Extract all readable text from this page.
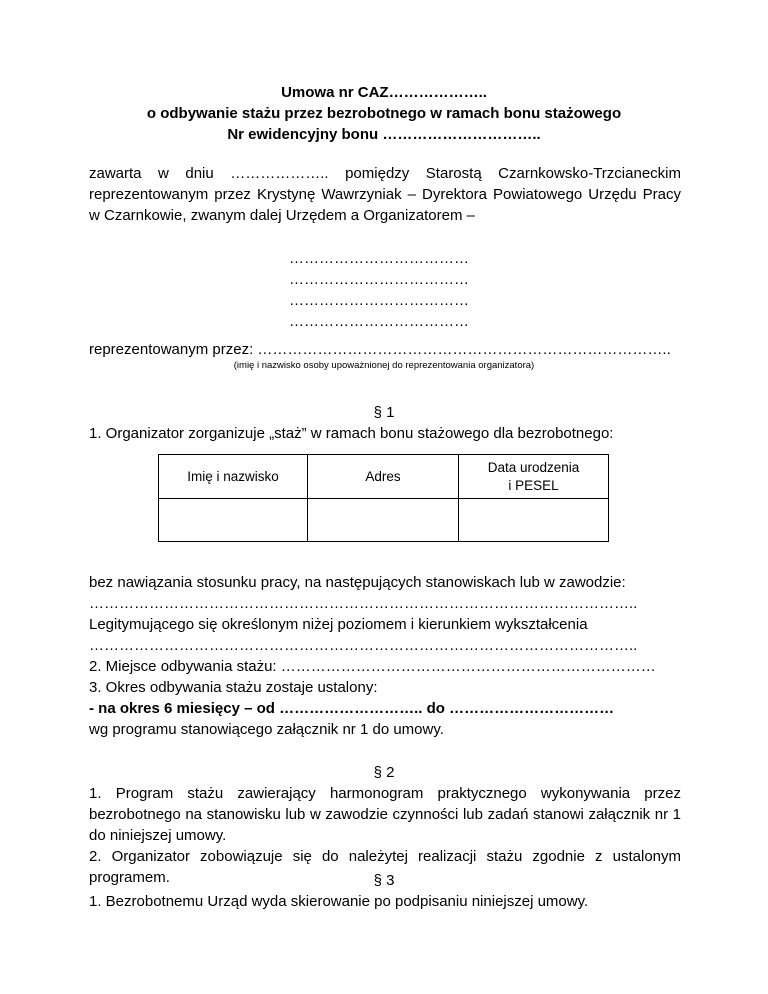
Umowa nr CAZ………………..
o odbywanie stażu przez bezrobotnego w ramach bonu stażowego
Nr ewidencyjny bonu …………………………..
zawarta w dniu ……………….. pomiędzy Starostą Czarnkowsko-Trzcianeckim reprezentowanym przez Krystynę Wawrzyniak – Dyrektora Powiatowego Urzędu Pracy w Czarnkowie, zwanym dalej Urzędem a Organizatorem –
………………………………
………………………………
………………………………
………………………………
reprezentowanym przez: ………………………………………………………………………..
(imię i nazwisko osoby upoważnionej do reprezentowania organizatora)
§ 1
1. Organizator zorganizuje „staż” w ramach bonu stażowego dla bezrobotnego:
Imię i nazwisko	Adres	Data urodzenia
i PESEL

bez nawiązania stosunku pracy, na następujących stanowiskach lub w zawodzie:
………………………………………………………………………………………………..
Legitymującego się określonym niżej poziomem i kierunkiem wykształcenia
………………………………………………………………………………………………..
2. Miejsce odbywania stażu: …………………………………………………………………
3. Okres odbywania stażu zostaje ustalony:
- na okres 6 miesięcy – od ……………………….. do ……………………………
wg programu stanowiącego załącznik nr 1 do umowy.
§ 2
1. Program stażu zawierający harmonogram praktycznego wykonywania przez bezrobotnego na stanowisku lub w zawodzie czynności lub zadań stanowi załącznik nr 1 do niniejszej umowy.
2. Organizator zobowiązuje się do należytej realizacji stażu zgodnie z ustalonym programem.	§ 3
1. Bezrobotnemu Urząd wyda skierowanie po podpisaniu niniejszej umowy.
